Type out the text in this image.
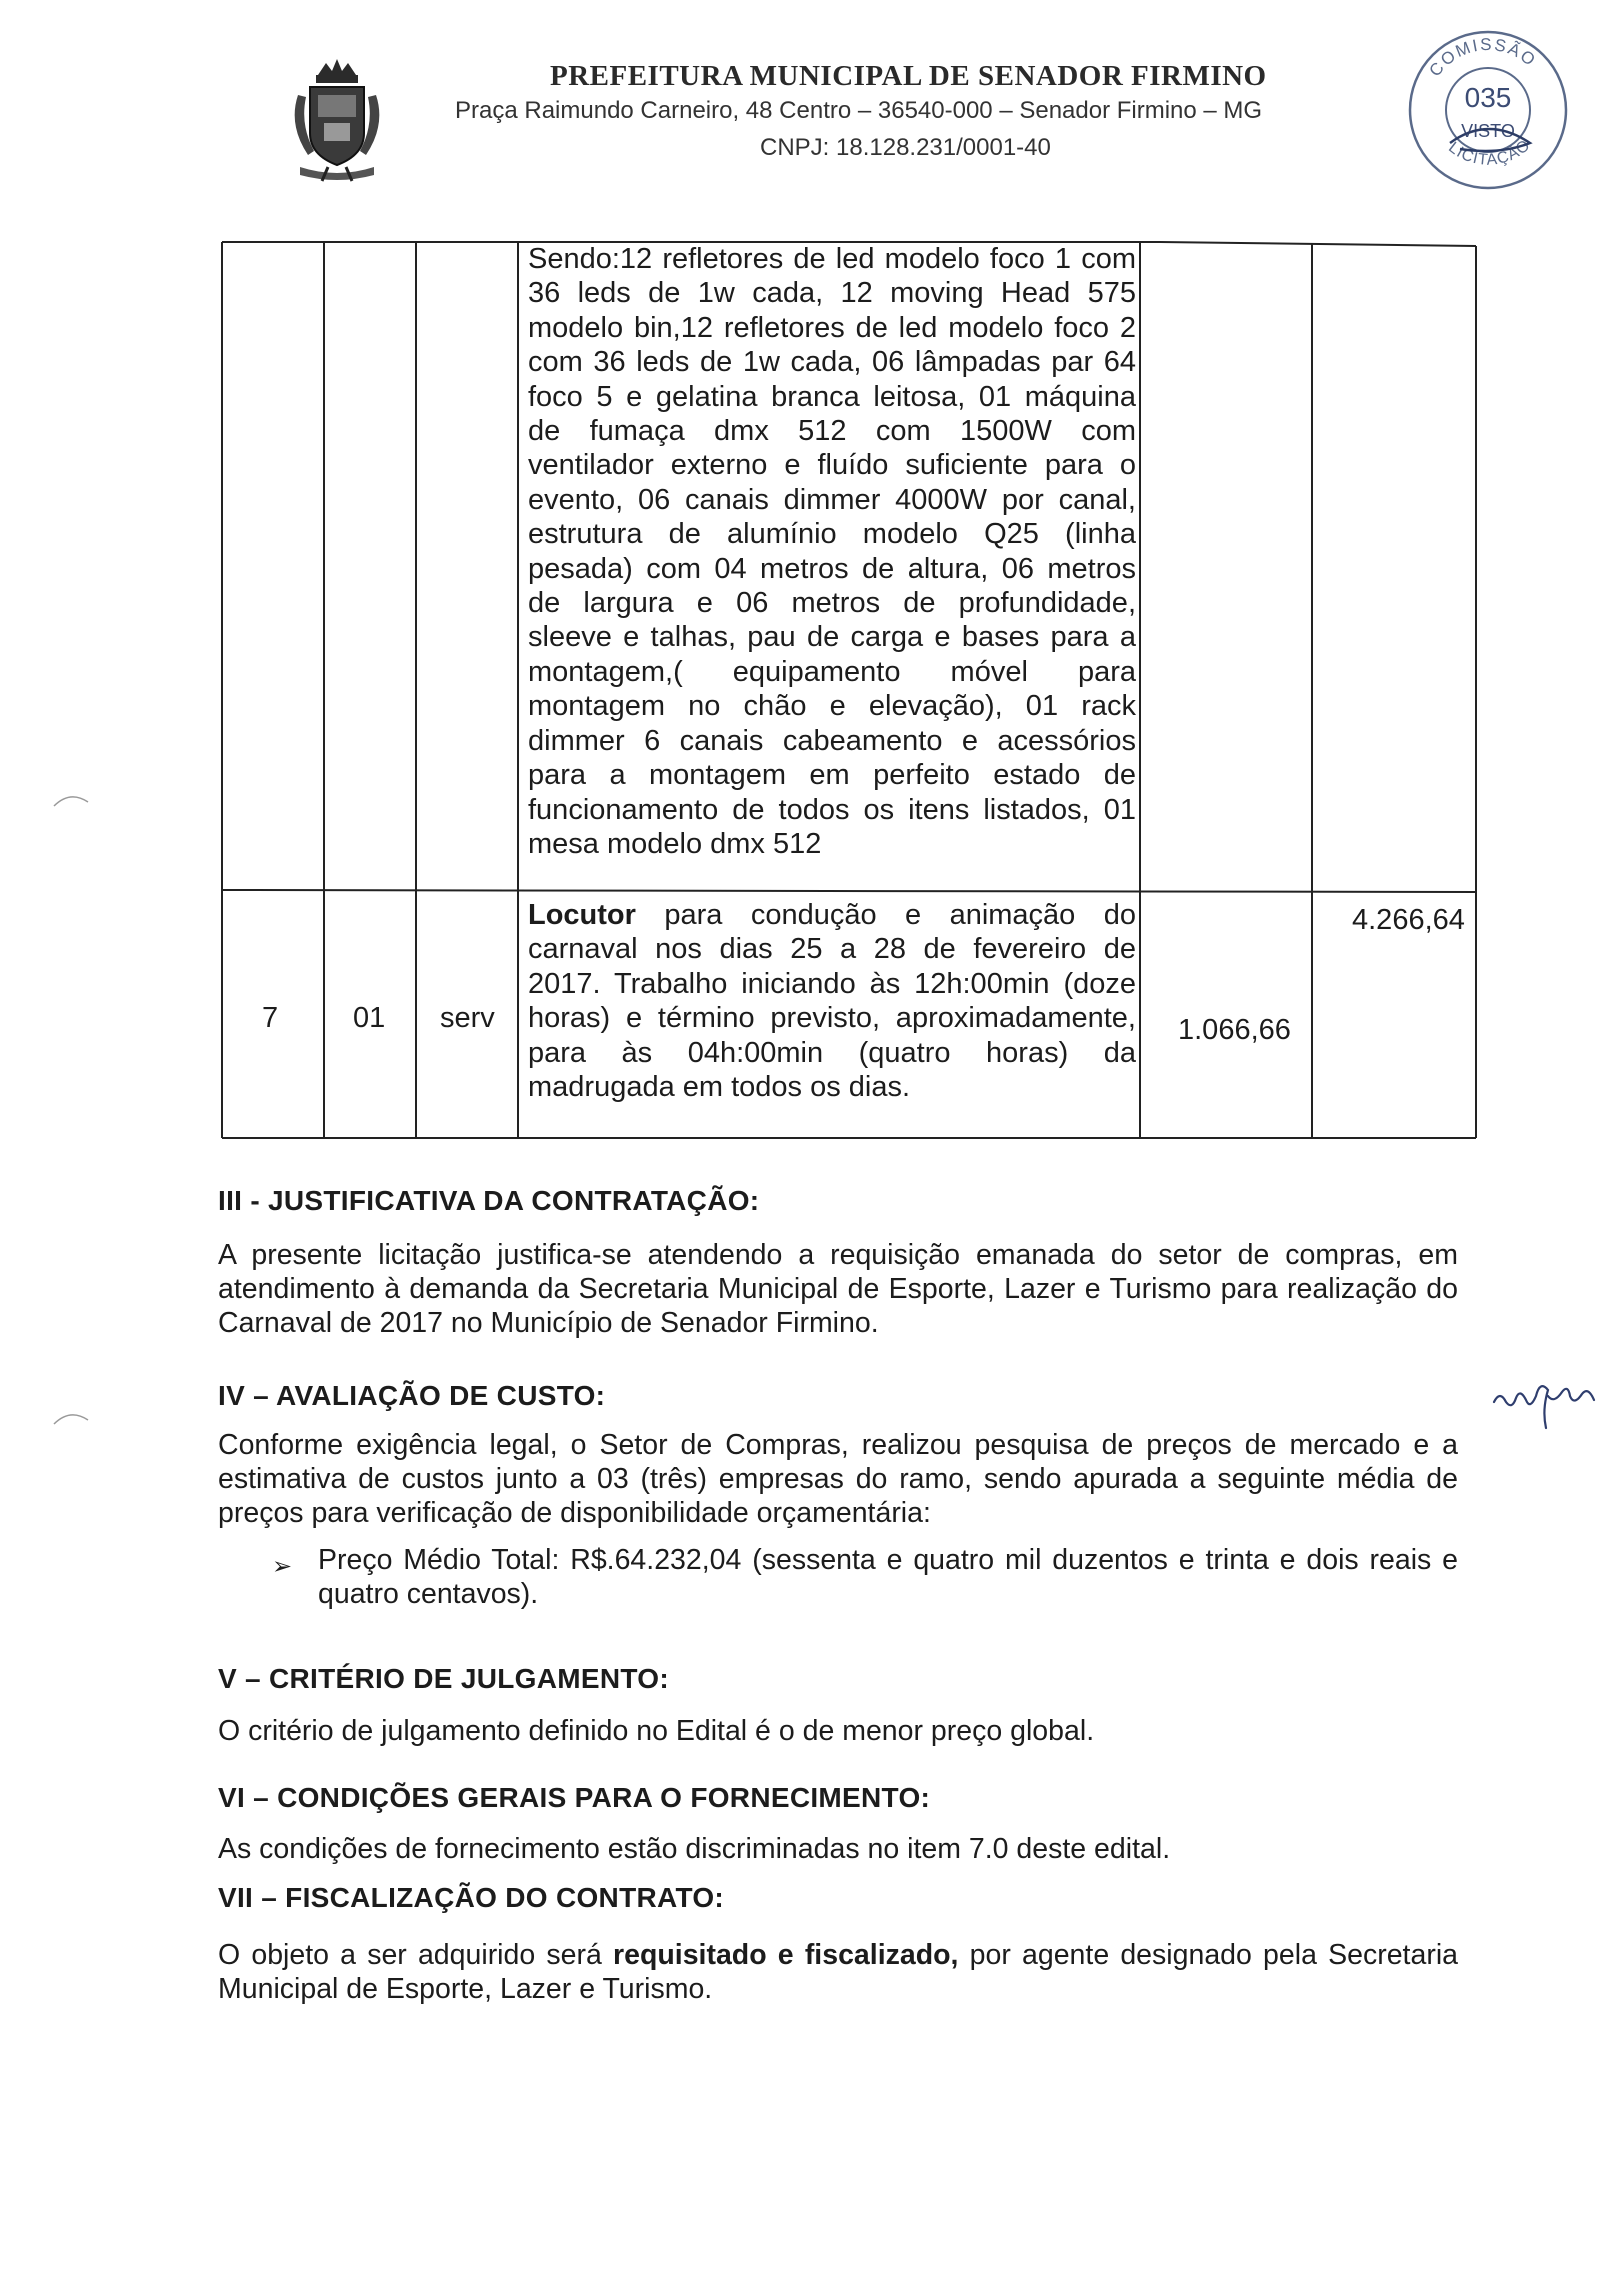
PREFEITURA MUNICIPAL DE SENADOR FIRMINO
Praça Raimundo Carneiro, 48 Centro – 36540-000 – Senador Firmino – MG
CNPJ: 18.128.231/0001-40
COMISSÃO
LICITAÇÃO
035
VISTO
Sendo:12 refletores de led modelo foco 1 com 36 leds de 1w cada, 12 moving Head 575 modelo bin,12 refletores de led modelo foco 2 com 36 leds de 1w cada, 06 lâmpadas par 64 foco 5 e gelatina branca leitosa, 01 máquina de fumaça dmx 512 com 1500W com ventilador externo e fluído suficiente para o evento, 06 canais dimmer 4000W por canal, estrutura de alumínio modelo Q25 (linha pesada) com 04 metros de altura, 06 metros de largura e 06 metros de profundidade, sleeve e talhas, pau de carga e bases para a montagem,( equipamento móvel para montagem no chão e elevação), 01 rack dimmer 6 canais cabeamento e acessórios para a montagem em perfeito estado de funcionamento de todos os itens listados, 01 mesa modelo dmx 512
7	01 serv
Locutor para condução e animação do carnaval nos dias 25 a 28 de fevereiro de 2017. Trabalho iniciando às 12h:00min (doze horas) e término previsto, aproximadamente, para às 04h:00min (quatro horas) da madrugada em todos os dias.
1.066,66
4.266,64
III - JUSTIFICATIVA DA CONTRATAÇÃO:
A presente licitação justifica-se atendendo a requisição emanada do setor de compras, em atendimento à demanda da Secretaria Municipal de Esporte, Lazer e Turismo para realização do Carnaval de 2017 no Município de Senador Firmino.
IV – AVALIAÇÃO DE CUSTO:
Conforme exigência legal, o Setor de Compras, realizou pesquisa de preços de mercado e a estimativa de custos junto a 03 (três) empresas do ramo, sendo apurada a seguinte média de preços para verificação de disponibilidade orçamentária:
➢ Preço Médio Total: R$.64.232,04 (sessenta e quatro mil duzentos e trinta e dois reais e quatro centavos).
V – CRITÉRIO DE JULGAMENTO:
O critério de julgamento definido no Edital é o de menor preço global.
VI – CONDIÇÕES GERAIS PARA O FORNECIMENTO:
As condições de fornecimento estão discriminadas no item 7.0 deste edital.
VII – FISCALIZAÇÃO DO CONTRATO:
O objeto a ser adquirido será requisitado e fiscalizado, por agente designado pela Secretaria Municipal de Esporte, Lazer e Turismo.
